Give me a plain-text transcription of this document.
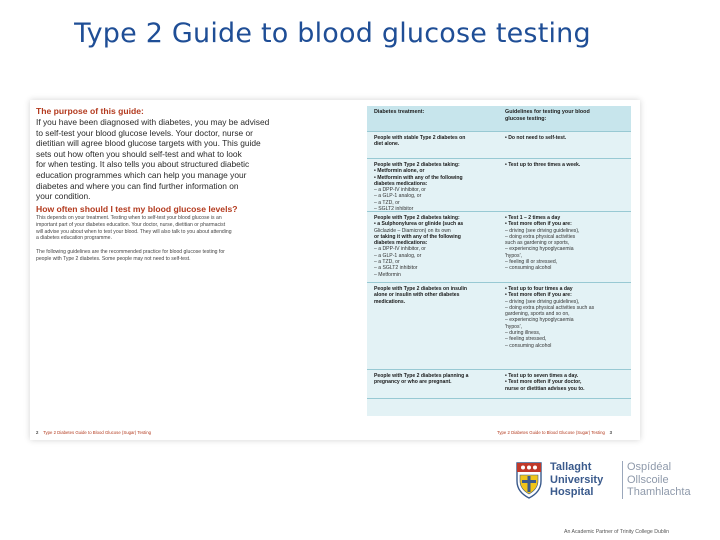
Type 2 Guide to blood glucose testing
The purpose of this guide:
If you have been diagnosed with diabetes, you may be advised
to self-test your blood glucose levels. Your doctor, nurse or
dietitian will agree blood glucose targets with you. This guide
sets out how often you should self-test and what to look
for when testing. It also tells you about structured diabetic
education programmes which can help you manage your
diabetes and where you can find further information on
your condition.
How often should I test my blood glucose levels?
This depends on your treatment. Testing when to self-test your blood glucose is an
important part of your diabetes education. Your doctor, nurse, dietitian or pharmacist
will advise you about when to test your blood. They will also talk to you about attending
a diabetes education programme.
The following guidelines are the recommended practice for blood glucose testing for
people with Type 2 diabetes. Some people may not need to self-test.
Diabetes treatment:	Guidelines for testing your blood
glucose testing:
People with stable Type 2 diabetes on
diet alone.
• Do not need to self-test.
People with Type 2 diabetes taking:
• Metformin alone, or
• Metformin with any of the following
diabetes medications:
– a DPP-IV inhibitor, or
– a GLP-1 analog, or
– a TZD, or
– SGLT2 inhibitor
• Test up to three times a week.
People with Type 2 diabetes taking:
• a Sulphonylurea or glinide (such as
Gliclazide – Diamicron) on its own
or taking it with any of the following
diabetes medications:
– a DPP-IV inhibitor, or
– a GLP-1 analog, or
– a TZD, or
– a SGLT2 inhibitor
– Metformin
• Test 1 – 2 times a day
• Test more often if you are:
– driving (see driving guidelines),
– doing extra physical activities
such as gardening or sports,
– experiencing hypoglycaemia
'hypos',
– feeling ill or stressed,
– consuming alcohol
People with Type 2 diabetes on insulin
alone or insulin with other diabetes
medications.
• Test up to four times a day
• Test more often if you are:
– driving (see driving guidelines),
– doing extra physical activities such as
gardening, sports and so on,
– experiencing hypoglycaemia
'hypos',
– during illness,
– feeling stressed,
– consuming alcohol
People with Type 2 diabetes planning a
pregnancy or who are pregnant.
• Test up to seven times a day.
• Test more often if your doctor,
nurse or dietitian advises you to.
2 Type 2 Diabetes Guide to Blood Glucose (Sugar) Testing	Type 2 Diabetes Guide to Blood Glucose (Sugar) Testing 3
Tallaght
University
Hospital
Ospídéal
Ollscoile
Thamhlachta
An Academic Partner of Trinity College Dublin
